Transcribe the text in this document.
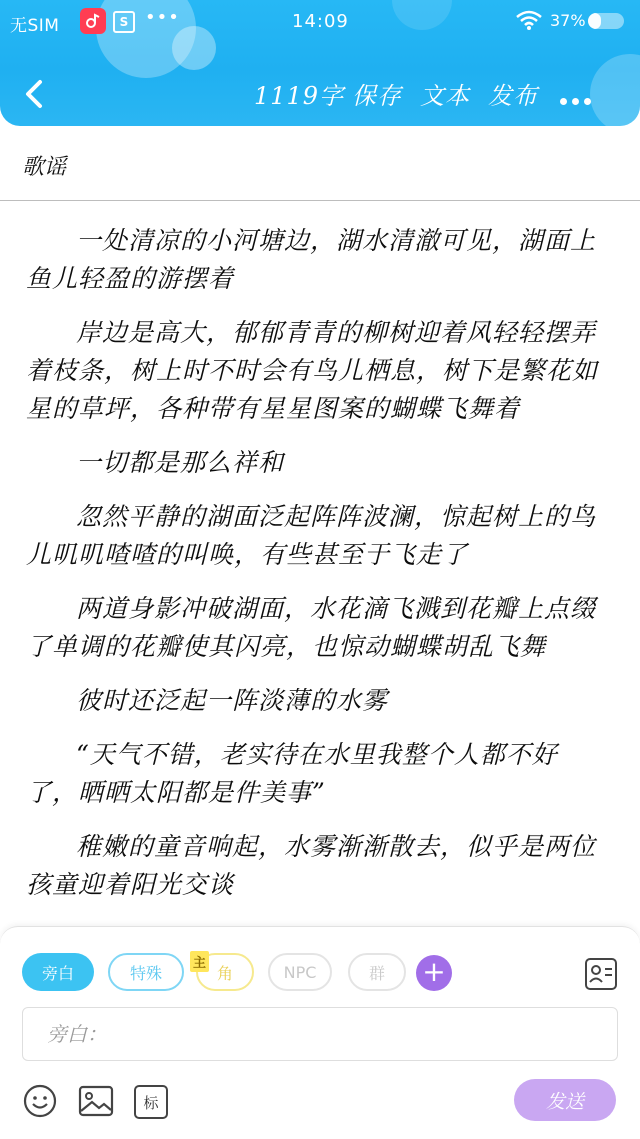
无SIM	S •••	14:09	37%
1119字 保存 文本 发布
歌谣

一处清凉的小河塘边，湖水清澈可见，湖面上鱼儿轻盈的游摆着

岸边是高大，郁郁青青的柳树迎着风轻轻摆弄着枝条，树上时不时会有鸟儿栖息，树下是繁花如星的草坪，各种带有星星图案的蝴蝶飞舞着

一切都是那么祥和

忽然平静的湖面泛起阵阵波澜，惊起树上的鸟儿叽叽喳喳的叫唤，有些甚至于飞走了

两道身影冲破湖面，水花滴飞溅到花瓣上点缀了单调的花瓣使其闪亮，也惊动蝴蝶胡乱飞舞

彼时还泛起一阵淡薄的水雾

“天气不错，老实待在水里我整个人都不好了，晒晒太阳都是件美事”

稚嫩的童音响起，水雾渐渐散去，似乎是两位孩童迎着阳光交谈

旁白	特殊	主 角	NPC	群	+
旁白：
标	发送
